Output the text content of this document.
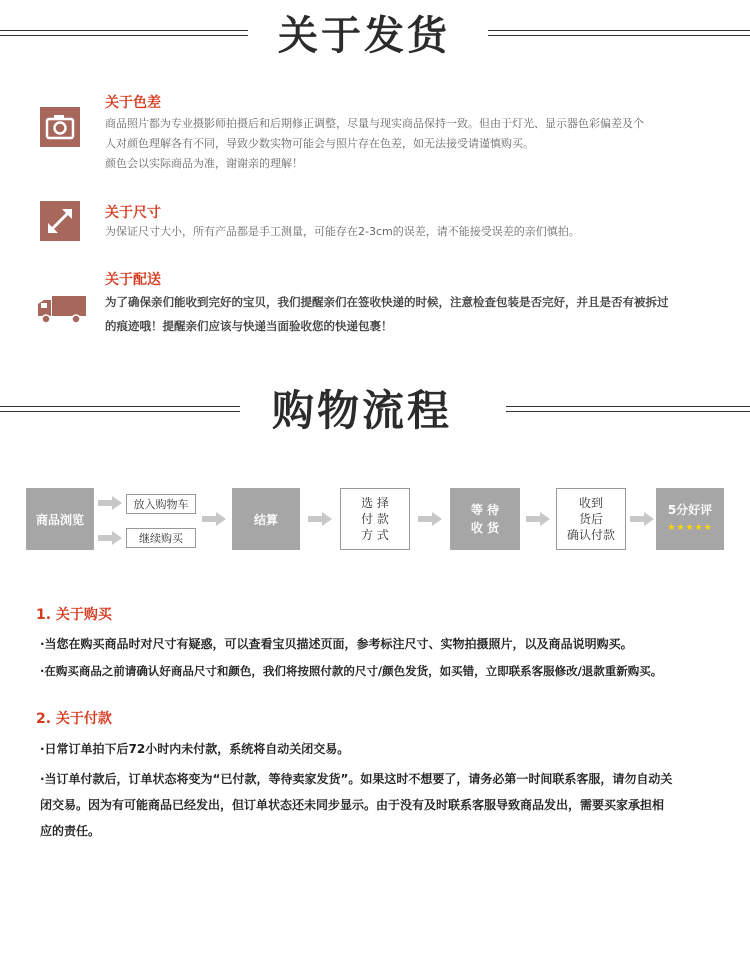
关于发货
关于色差
商品照片都为专业摄影师拍摄后和后期修正调整，尽量与现实商品保持一致。但由于灯光、显示器色彩偏差及个
人对颜色理解各有不同，导致少数实物可能会与照片存在色差，如无法接受请谨慎购买。
颜色会以实际商品为准，谢谢亲的理解！
关于尺寸
为保证尺寸大小，所有产品都是手工测量，可能存在2-3cm的误差，请不能接受误差的亲们慎拍。
关于配送
为了确保亲们能收到完好的宝贝，我们提醒亲们在签收快递的时候，注意检查包装是否完好，并且是否有被拆过
的痕迹哦！提醒亲们应该与快递当面验收您的快递包裹！
购物流程
商品浏览
放入购物车
继续购买
结算
选 择
付 款
方 式
等 待
收 货
收到
货后
确认付款
5分好评
★★★★★
1. 关于购买
·当您在购买商品时对尺寸有疑惑，可以查看宝贝描述页面，参考标注尺寸、实物拍摄照片，以及商品说明购买。
·在购买商品之前请确认好商品尺寸和颜色，我们将按照付款的尺寸/颜色发货，如买错，立即联系客服修改/退款重新购买。
2. 关于付款
·日常订单拍下后72小时内未付款，系统将自动关闭交易。
·当订单付款后，订单状态将变为“已付款，等待卖家发货”。如果这时不想要了，请务必第一时间联系客服，请勿自动关
闭交易。因为有可能商品已经发出，但订单状态还未同步显示。由于没有及时联系客服导致商品发出，需要买家承担相
应的责任。
